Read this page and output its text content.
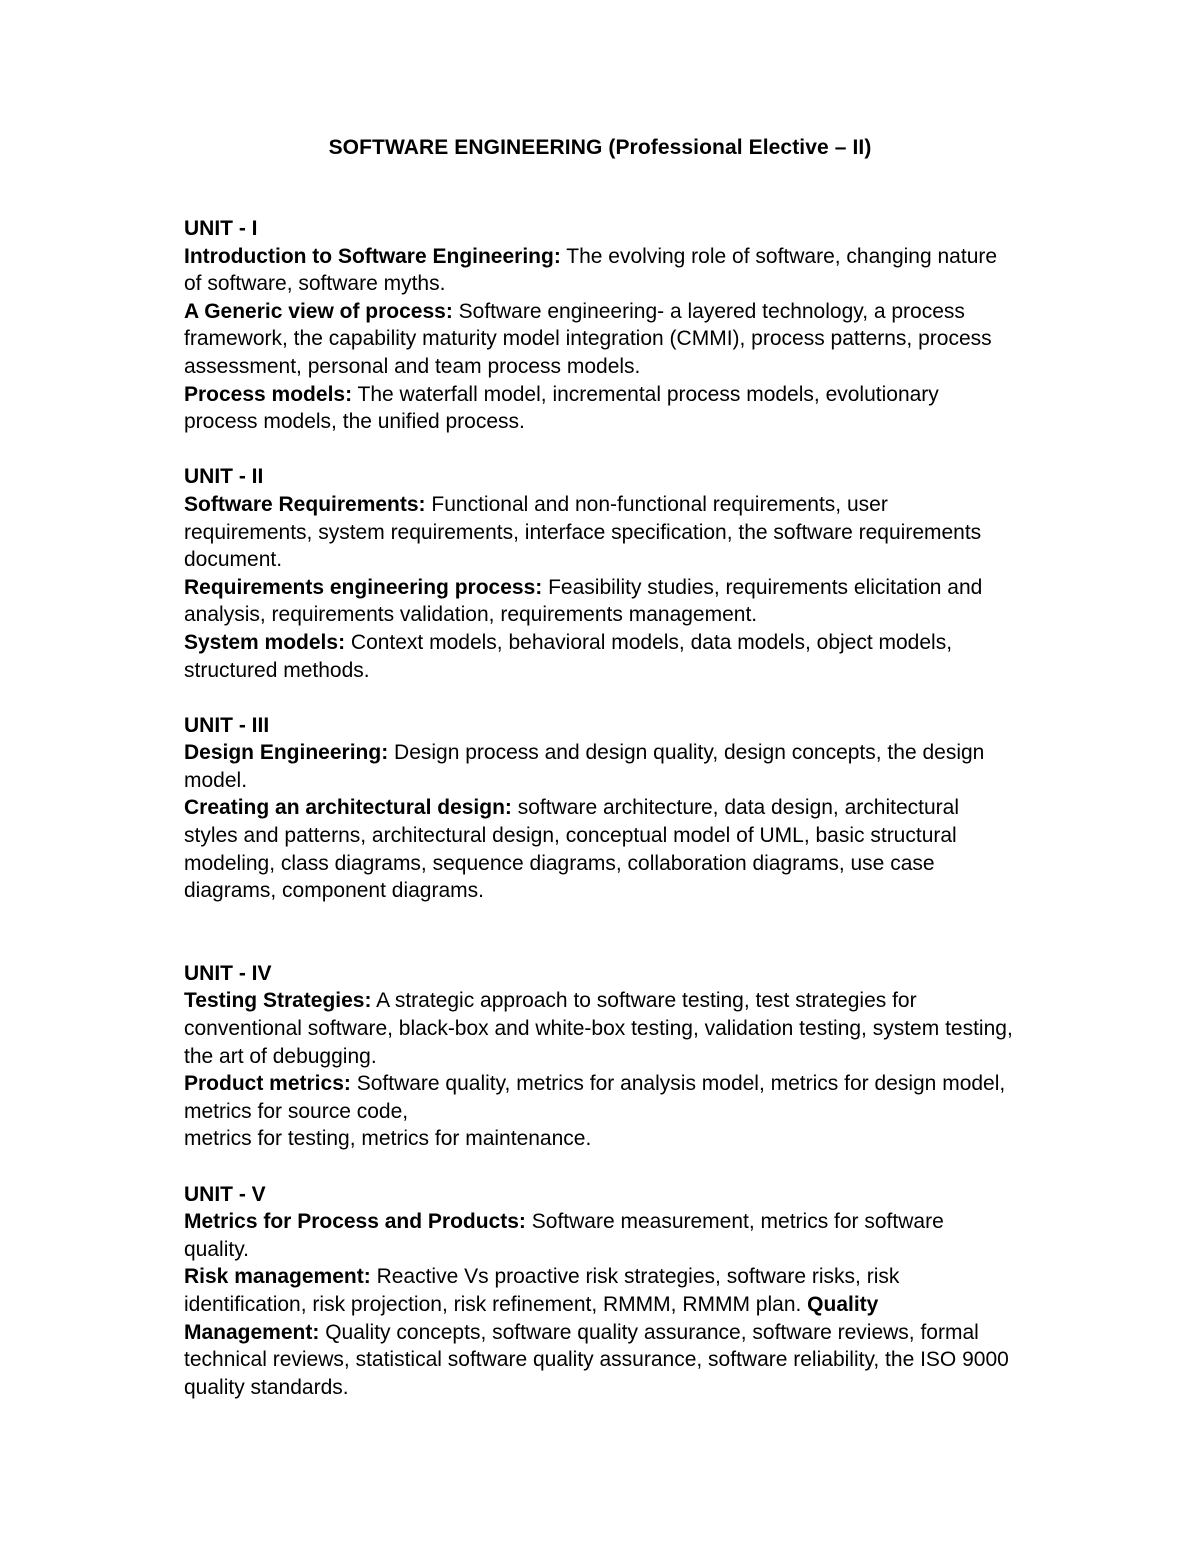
SOFTWARE ENGINEERING (Professional Elective – II)
UNIT - I
Introduction to Software Engineering: The evolving role of software, changing nature of software, software myths.
A Generic view of process: Software engineering- a layered technology, a process framework, the capability maturity model integration (CMMI), process patterns, process assessment, personal and team process models.
Process models: The waterfall model, incremental process models, evolutionary process models, the unified process.
UNIT - II
Software Requirements: Functional and non-functional requirements, user requirements, system requirements, interface specification, the software requirements document.
Requirements engineering process: Feasibility studies, requirements elicitation and analysis, requirements validation, requirements management.
System models: Context models, behavioral models, data models, object models, structured methods.
UNIT - III
Design Engineering: Design process and design quality, design concepts, the design model.
Creating an architectural design: software architecture, data design, architectural styles and patterns, architectural design, conceptual model of UML, basic structural modeling, class diagrams, sequence diagrams, collaboration diagrams, use case diagrams, component diagrams.
UNIT - IV
Testing Strategies: A strategic approach to software testing, test strategies for conventional software, black-box and white-box testing, validation testing, system testing, the art of debugging.
Product metrics: Software quality, metrics for analysis model, metrics for design model, metrics for source code,
metrics for testing, metrics for maintenance.
UNIT - V
Metrics for Process and Products: Software measurement, metrics for software quality.
Risk management: Reactive Vs proactive risk strategies, software risks, risk identification, risk projection, risk refinement, RMMM, RMMM plan. Quality Management: Quality concepts, software quality assurance, software reviews, formal technical reviews, statistical software quality assurance, software reliability, the ISO 9000 quality standards.
